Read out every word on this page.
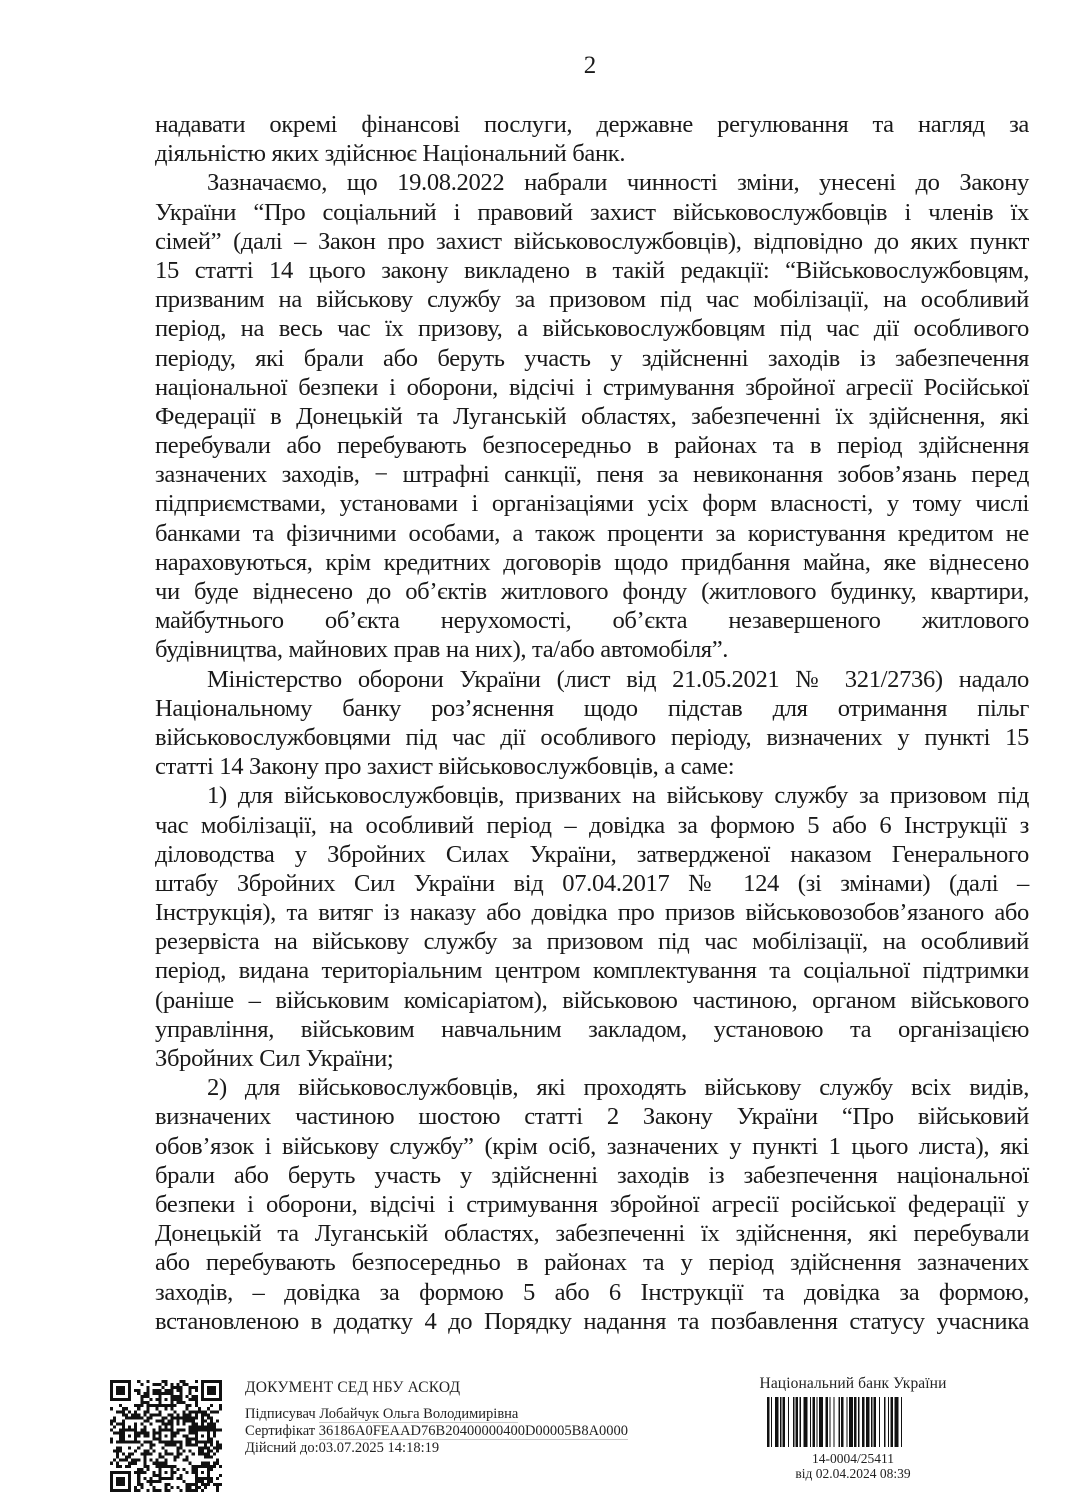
2
надавати окремі фінансові послуги, державне регулювання та нагляд за
діяльністю яких здійснює Національний банк.
Зазначаємо, що 19.08.2022 набрали чинності зміни, унесені до Закону
України “Про соціальний і правовий захист військовослужбовців і членів їх
сімей” (далі – Закон про захист військовослужбовців), відповідно до яких пункт
15 статті 14 цього закону викладено в такій редакції: “Військовослужбовцям,
призваним на військову службу за призовом під час мобілізації, на особливий
період, на весь час їх призову, а військовослужбовцям під час дії особливого
періоду, які брали або беруть участь у здійсненні заходів із забезпечення
національної безпеки і оборони, відсічі і стримування збройної агресії Російської
Федерації в Донецькій та Луганській областях, забезпеченні їх здійснення, які
перебували або перебувають безпосередньо в районах та в період здійснення
зазначених заходів, − штрафні санкції, пеня за невиконання зобов’язань перед
підприємствами, установами і організаціями усіх форм власності, у тому числі
банками та фізичними особами, а також проценти за користування кредитом не
нараховуються, крім кредитних договорів щодо придбання майна, яке віднесено
чи буде віднесено до об’єктів житлового фонду (житлового будинку, квартири,
майбутнього об’єкта нерухомості, об’єкта незавершеного житлового
будівництва, майнових прав на них), та/або автомобіля”.
Міністерство оборони України (лист від 21.05.2021 № 321/2736) надало
Національному банку роз’яснення щодо підстав для отримання пільг
військовослужбовцями під час дії особливого періоду, визначених у пункті 15
статті 14 Закону про захист військовослужбовців, а саме:
1) для військовослужбовців, призваних на військову службу за призовом під
час мобілізації, на особливий період – довідка за формою 5 або 6 Інструкції з
діловодства у Збройних Силах України, затвердженої наказом Генерального
штабу Збройних Сил України від 07.04.2017 № 124 (зі змінами) (далі –
Інструкція), та витяг із наказу або довідка про призов військовозобов’язаного або
резервіста на військову службу за призовом під час мобілізації, на особливий
період, видана територіальним центром комплектування та соціальної підтримки
(раніше – військовим комісаріатом), військовою частиною, органом військового
управління, військовим навчальним закладом, установою та організацією
Збройних Сил України;
2) для військовослужбовців, які проходять військову службу всіх видів,
визначених частиною шостою статті 2 Закону України “Про військовий
обов’язок і військову службу” (крім осіб, зазначених у пункті 1 цього листа), які
брали або беруть участь у здійсненні заходів із забезпечення національної
безпеки і оборони, відсічі і стримування збройної агресії російської федерації у
Донецькій та Луганській областях, забезпеченні їх здійснення, які перебували
або перебувають безпосередньо в районах та у період здійснення зазначених
заходів, – довідка за формою 5 або 6 Інструкції та довідка за формою,
встановленою в додатку 4 до Порядку надання та позбавлення статусу учасника
ДОКУМЕНТ СЕД НБУ АСКОД
Підписувач Лобайчук Ольга Володимирівна
Сертифікат 36186A0FEAAD76B20400000400D00005B8A0000
Дійсний до:03.07.2025 14:18:19
Національний банк України
14-0004/25411
від 02.04.2024 08:39
